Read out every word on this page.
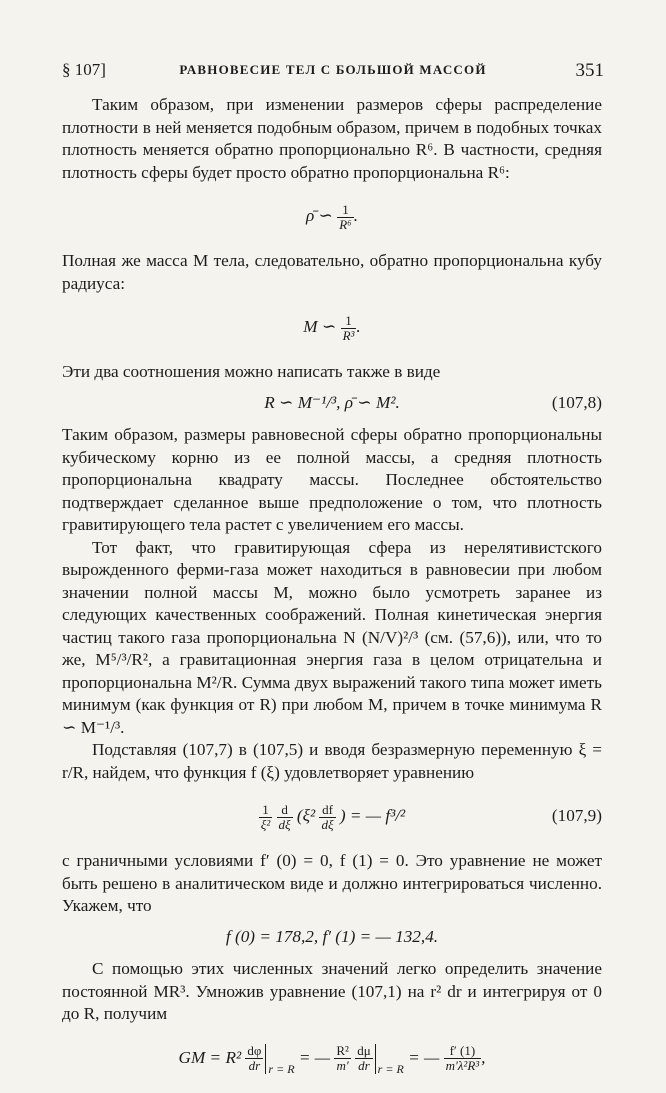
§ 107]	РАВНОВЕСИЕ ТЕЛ С БОЛЬШОЙ МАССОЙ	351

Таким образом, при изменении размеров сферы распределение плотности в ней меняется подобным образом, причем в подобных точках плотность меняется обратно пропорционально R⁶. В частности, средняя плотность сферы будет просто обратно пропорциональна R⁶:

ρ̄ ∽ $\frac{1}{\text{R⁶}}$ .

Полная же масса M тела, следовательно, обратно пропорциональна кубу радиуса:

M ∽ $\frac{1}{\text{R³}}$ .

Эти два соотношения можно написать также в виде

R ∽ M⁻¹/³, ρ̄ ∽ M².	(107,8)

Таким образом, размеры равновесной сферы обратно пропорциональны кубическому корню из ее полной массы, а средняя плотность пропорциональна квадрату массы. Последнее обстоятельство подтверждает сделанное выше предположение о том, что плотность гравитирующего тела растет с увеличением его массы.

Тот факт, что гравитирующая сфера из нерелятивистского вырожденного ферми-газа может находиться в равновесии при любом значении полной массы M, можно было усмотреть заранее из следующих качественных соображений. Полная кинетическая энергия частиц такого газа пропорциональна N (N/V)²/³ (см. (57,6)), или, что то же, M⁵/³/R², а гравитационная энергия газа в целом отрицательна и пропорциональна M²/R. Сумма двух выражений такого типа может иметь минимум (как функция от R) при любом M, причем в точке минимума R ∽ M⁻¹/³.

Подставляя (107,7) в (107,5) и вводя безразмерную переменную ξ = r/R, найдем, что функция f (ξ) удовлетворяет уравнению

$\frac{1}{\text{ξ²}}$
$\frac{d}{d\xi} (\xi^2 \frac{df}{d\xi}$ ) = — f³/²	(107,9)

с граничными условиями f′ (0) = 0, f (1) = 0. Это уравнение не может быть решено в аналитическом виде и должно интегрироваться численно. Укажем, что

f (0) = 178,2, f′ (1) = — 132,4.

С помощью этих численных значений легко определить значение постоянной MR³. Умножив уравнение (107,1) на r² dr и интегрируя от 0 до R, получим

GM = $R^2 \frac{d\varphi}{dr} _{r = R}$ = — $\frac{\text{R²}}{m'}$
$\frac{d\mu}{dr} _{r = R}$ = — $\frac{f' (1)}{\text{m′λ²R³}}$ ,
